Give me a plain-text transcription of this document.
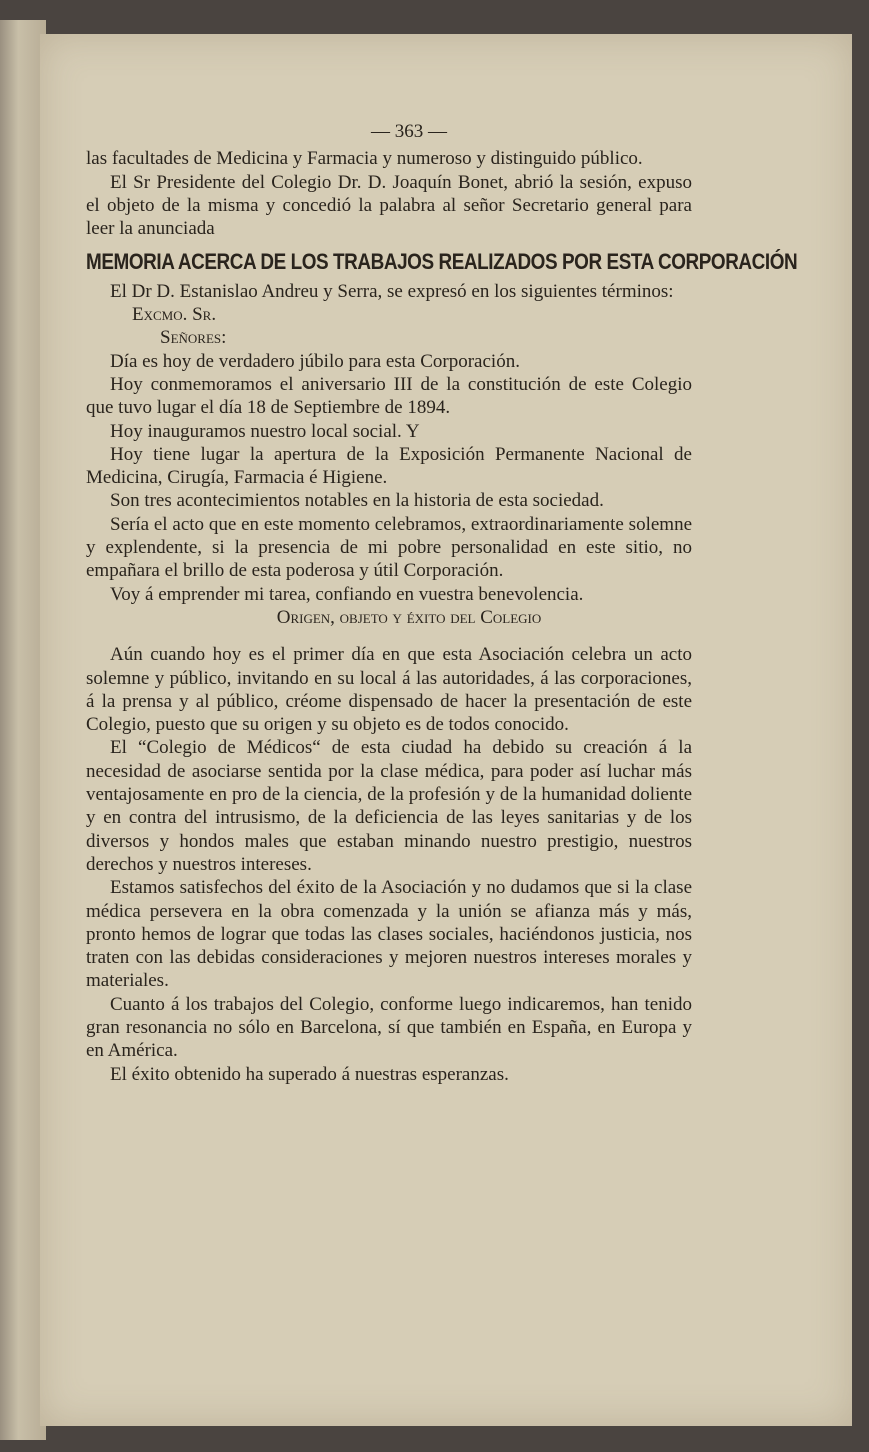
— 363 —

las facultades de Medicina y Farmacia y numeroso y distinguido público.

El Sr Presidente del Colegio Dr. D. Joaquín Bonet, abrió la sesión, expuso el objeto de la misma y concedió la palabra al señor Secretario general para leer la anunciada

MEMORIA ACERCA DE LOS TRABAJOS REALIZADOS POR ESTA CORPORACIÓN

El Dr D. Estanislao Andreu y Serra, se expresó en los siguientes términos:

Excmo. Sr.
Señores:

Día es hoy de verdadero júbilo para esta Corporación.

Hoy conmemoramos el aniversario III de la constitución de este Colegio que tuvo lugar el día 18 de Septiembre de 1894.

Hoy inauguramos nuestro local social. Y

Hoy tiene lugar la apertura de la Exposición Permanente Nacional de Medicina, Cirugía, Farmacia é Higiene.

Son tres acontecimientos notables en la historia de esta sociedad.

Sería el acto que en este momento celebramos, extraordinariamente solemne y explendente, si la presencia de mi pobre personalidad en este sitio, no empañara el brillo de esta poderosa y útil Corporación.

Voy á emprender mi tarea, confiando en vuestra benevolencia.

Origen, objeto y éxito del Colegio

Aún cuando hoy es el primer día en que esta Asociación celebra un acto solemne y público, invitando en su local á las autoridades, á las corporaciones, á la prensa y al público, créome dispensado de hacer la presentación de este Colegio, puesto que su origen y su objeto es de todos conocido.

El “Colegio de Médicos“ de esta ciudad ha debido su creación á la necesidad de asociarse sentida por la clase médica, para poder así luchar más ventajosamente en pro de la ciencia, de la profesión y de la humanidad doliente y en contra del intrusismo, de la deficiencia de las leyes sanitarias y de los diversos y hondos males que estaban minando nuestro prestigio, nuestros derechos y nuestros intereses.

Estamos satisfechos del éxito de la Asociación y no dudamos que si la clase médica persevera en la obra comenzada y la unión se afianza más y más, pronto hemos de lograr que todas las clases sociales, haciéndonos justicia, nos traten con las debidas consideraciones y mejoren nuestros intereses morales y materiales.

Cuanto á los trabajos del Colegio, conforme luego indicaremos, han tenido gran resonancia no sólo en Barcelona, sí que también en España, en Europa y en América.

El éxito obtenido ha superado á nuestras esperanzas.
